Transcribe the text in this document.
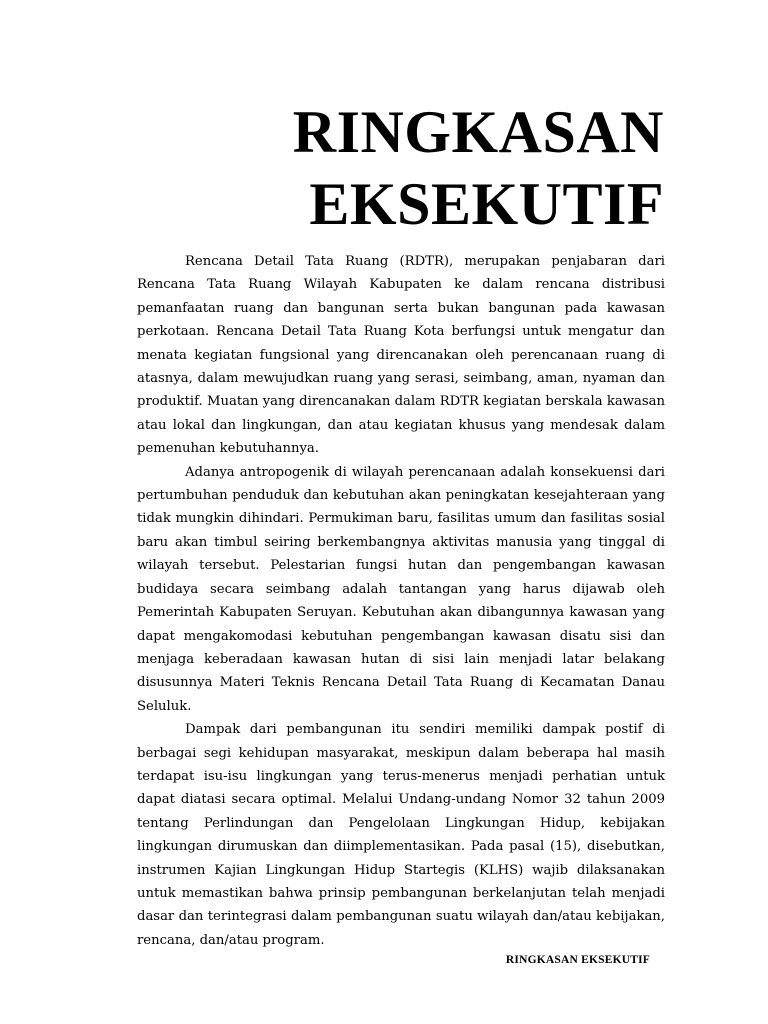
RINGKASAN
EKSEKUTIF

Rencana Detail Tata Ruang (RDTR), merupakan penjabaran dari Rencana Tata Ruang Wilayah Kabupaten ke dalam rencana distribusi pemanfaatan ruang dan bangunan serta bukan bangunan pada kawasan perkotaan. Rencana Detail Tata Ruang Kota berfungsi untuk mengatur dan menata kegiatan fungsional yang direncanakan oleh perencanaan ruang di atasnya, dalam mewujudkan ruang yang serasi, seimbang, aman, nyaman dan produktif. Muatan yang direncanakan dalam RDTR kegiatan berskala kawasan atau lokal dan lingkungan, dan atau kegiatan khusus yang mendesak dalam pemenuhan kebutuhannya.

Adanya antropogenik di wilayah perencanaan adalah konsekuensi dari pertumbuhan penduduk dan kebutuhan akan peningkatan kesejahteraan yang tidak mungkin dihindari. Permukiman baru, fasilitas umum dan fasilitas sosial baru akan timbul seiring berkembangnya aktivitas manusia yang tinggal di wilayah tersebut. Pelestarian fungsi hutan dan pengembangan kawasan budidaya secara seimbang adalah tantangan yang harus dijawab oleh Pemerintah Kabupaten Seruyan. Kebutuhan akan dibangunnya kawasan yang dapat mengakomodasi kebutuhan pengembangan kawasan disatu sisi dan menjaga keberadaan kawasan hutan di sisi lain menjadi latar belakang disusunnya Materi Teknis Rencana Detail Tata Ruang di Kecamatan Danau Seluluk.

Dampak dari pembangunan itu sendiri memiliki dampak postif di berbagai segi kehidupan masyarakat, meskipun dalam beberapa hal masih terdapat isu-isu lingkungan yang terus-menerus menjadi perhatian untuk dapat diatasi secara optimal. Melalui Undang-undang Nomor 32 tahun 2009 tentang Perlindungan dan Pengelolaan Lingkungan Hidup, kebijakan lingkungan dirumuskan dan diimplementasikan. Pada pasal (15), disebutkan, instrumen Kajian Lingkungan Hidup Startegis (KLHS) wajib dilaksanakan untuk memastikan bahwa prinsip pembangunan berkelanjutan telah menjadi dasar dan terintegrasi dalam pembangunan suatu wilayah dan/atau kebijakan, rencana, dan/atau program.

RINGKASAN EKSEKUTIF
